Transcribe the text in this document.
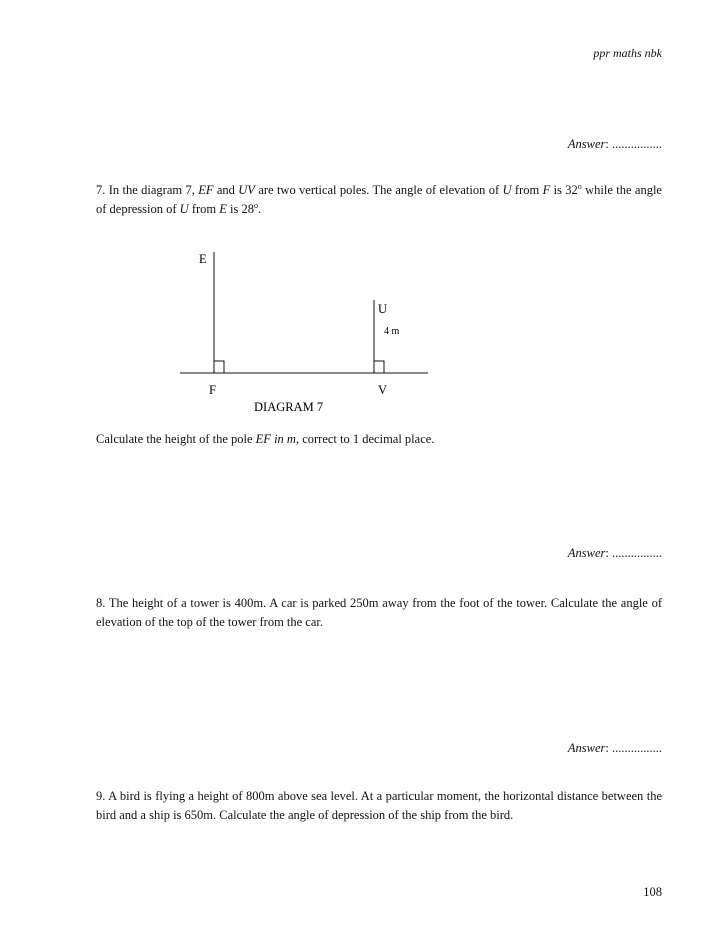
ppr maths nbk
Answer: ................
7. In the diagram 7, EF and UV are two vertical poles. The angle of elevation of U from F is 32$^o$ while the angle of depression of U from E is 28$^o$.
E
U
4 m
F	V
DIAGRAM 7
Calculate the height of the pole EF in m, correct to 1 decimal place.
Answer: ................
8. The height of a tower is 400m. A car is parked 250m away from the foot of the tower. Calculate the angle of elevation of the top of the tower from the car.
Answer: ................
9. A bird is flying a height of 800m above sea level. At a particular moment, the horizontal distance between the bird and a ship is 650m. Calculate the angle of depression of the ship from the bird.
108
